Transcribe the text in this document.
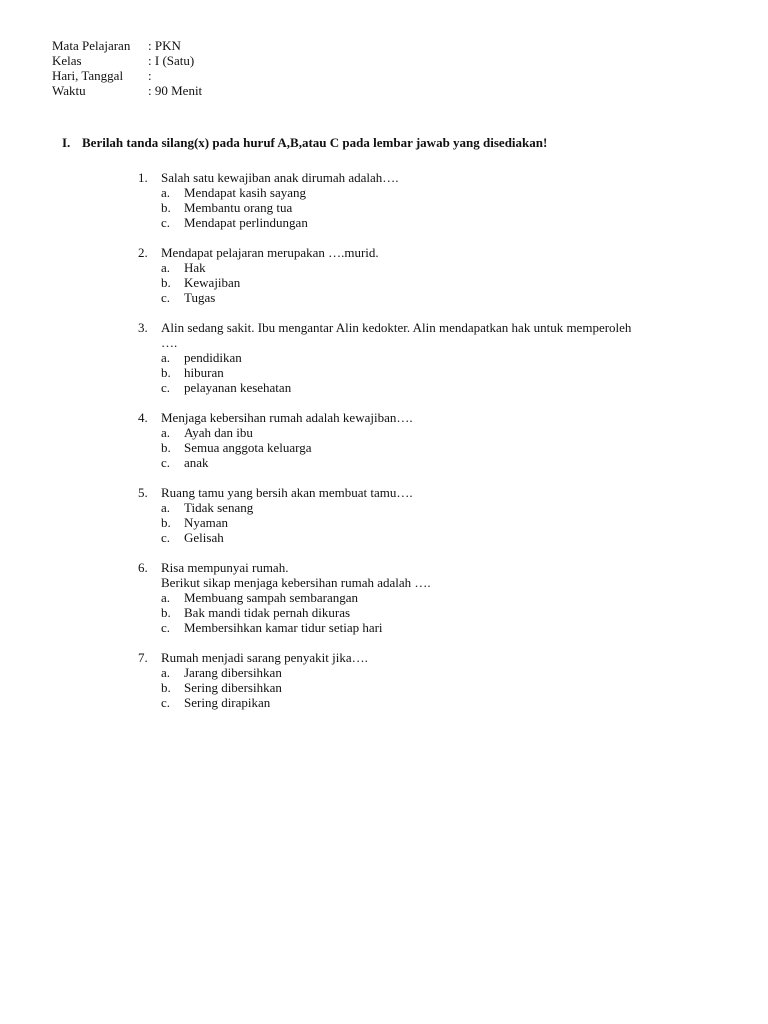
Mata Pelajaran	: PKN
Kelas	: I (Satu)
Hari, Tanggal	:
Waktu	: 90 Menit
I. Berilah tanda silang(x) pada huruf A,B,atau C pada lembar jawab yang disediakan!
1.	Salah satu kewajiban anak dirumah adalah….
a.	Mendapat kasih sayang
b.	Membantu orang tua
c.	Mendapat perlindungan
2.	Mendapat pelajaran merupakan ….murid.
a.	Hak
b.	Kewajiban
c.	Tugas
3.	Alin sedang sakit. Ibu mengantar Alin kedokter. Alin mendapatkan hak untuk memperoleh
….
a.	pendidikan
b.	hiburan
c.	pelayanan kesehatan
4.	Menjaga kebersihan rumah adalah kewajiban….
a.	Ayah dan ibu
b.	Semua anggota keluarga
c.	anak
5.	Ruang tamu yang bersih akan membuat tamu….
a.	Tidak senang
b.	Nyaman
c.	Gelisah
6.	Risa mempunyai rumah.
Berikut sikap menjaga kebersihan rumah adalah ….
a.	Membuang sampah sembarangan
b.	Bak mandi tidak pernah dikuras
c.	Membersihkan kamar tidur setiap hari
7.	Rumah menjadi sarang penyakit jika….
a.	Jarang dibersihkan
b.	Sering dibersihkan
c.	Sering dirapikan
